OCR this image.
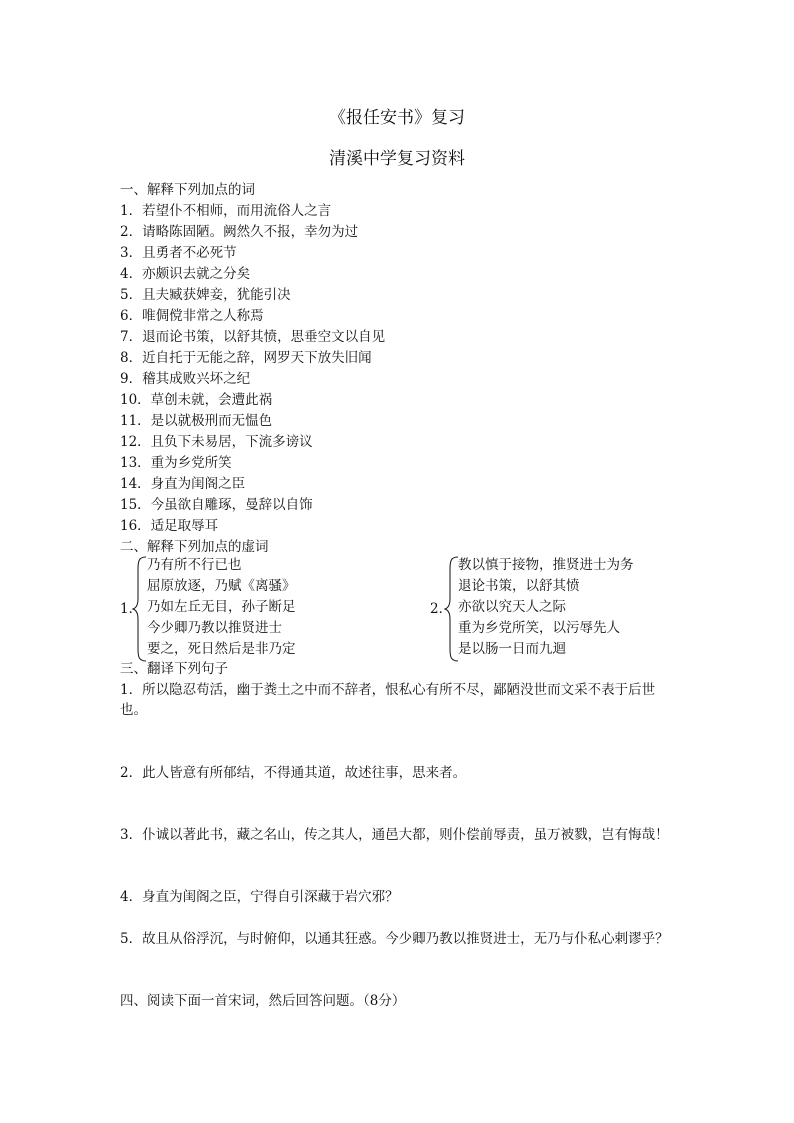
《报任安书》复习
清溪中学复习资料
一、解释下列加点的词
1．若望仆不相师，而用流俗人之言
2．请略陈固陋。阙然久不报，幸勿为过
3．且勇者不必死节
4．亦颇识去就之分矣
5．且夫臧获婢妾，犹能引决
6．唯倜傥非常之人称焉
7．退而论书策，以舒其愤，思垂空文以自见
8．近自托于无能之辞，网罗天下放失旧闻
9．稽其成败兴坏之纪
10．草创未就，会遭此祸
11．是以就极刑而无愠色
12．且负下未易居，下流多谤议
13．重为乡党所笑
14．身直为闺阁之臣
15．今虽欲自雕琢，曼辞以自饰
16．适足取辱耳
二、解释下列加点的虚词
1．
乃有所不行已也
屈原放逐，乃赋《离骚》
乃如左丘无目，孙子断足
今少卿乃教以推贤进士
要之，死日然后是非乃定
2．
教以慎于接物，推贤进士为务
退论书策，以舒其愤
亦欲以究天人之际
重为乡党所笑，以污辱先人
是以肠一日而九迴
三、翻译下列句子
1．所以隐忍苟活，幽于粪土之中而不辞者，恨私心有所不尽，鄙陋没世而文采不表于后世也。
2．此人皆意有所郁结，不得通其道，故述往事，思来者。
3．仆诚以著此书，藏之名山，传之其人，通邑大都，则仆偿前辱责，虽万被戮，岂有悔哉！
4．身直为闺阁之臣，宁得自引深藏于岩穴邪？
5．故且从俗浮沉，与时俯仰，以通其狂惑。今少卿乃教以推贤进士，无乃与仆私心剌谬乎？
四、阅读下面一首宋词，然后回答问题。（8分）
